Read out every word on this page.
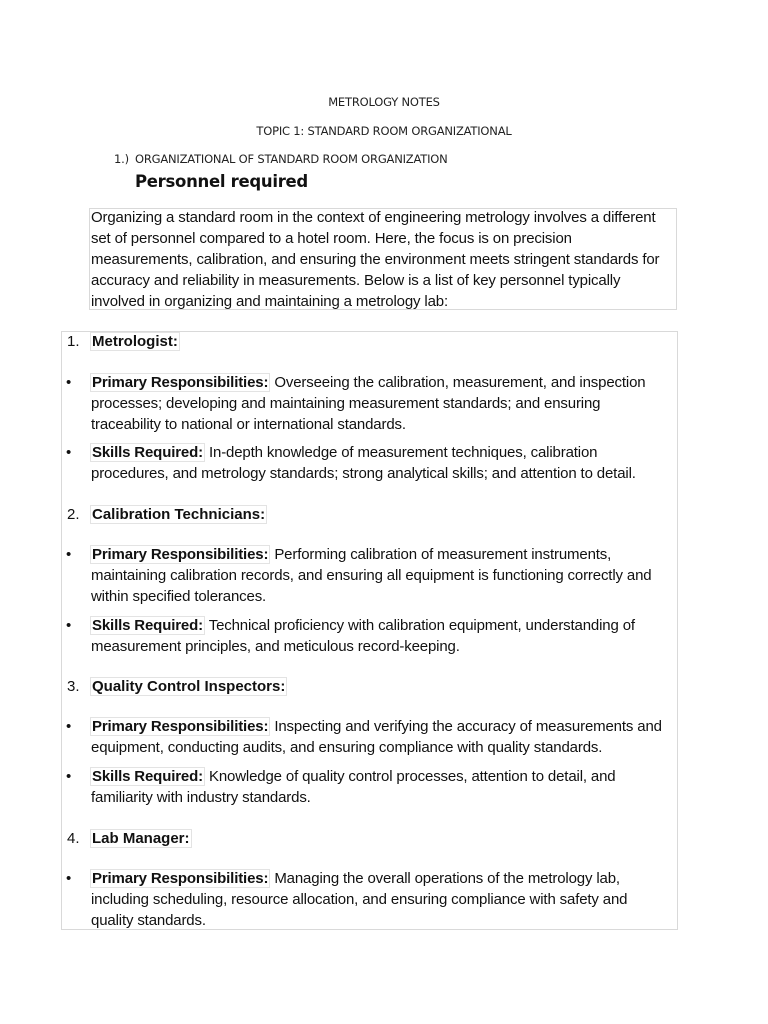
METROLOGY NOTES
TOPIC 1: STANDARD ROOM ORGANIZATIONAL
1.) ORGANIZATIONAL OF STANDARD ROOM ORGANIZATION
Personnel required
Organizing a standard room in the context of engineering metrology involves a different
set of personnel compared to a hotel room. Here, the focus is on precision
measurements, calibration, and ensuring the environment meets stringent standards for
accuracy and reliability in measurements. Below is a list of key personnel typically
involved in organizing and maintaining a metrology lab:
1. Metrologist:
• Primary Responsibilities: Overseeing the calibration, measurement, and inspection
processes; developing and maintaining measurement standards; and ensuring
traceability to national or international standards.
• Skills Required: In-depth knowledge of measurement techniques, calibration
procedures, and metrology standards; strong analytical skills; and attention to detail.
2. Calibration Technicians:
• Primary Responsibilities: Performing calibration of measurement instruments,
maintaining calibration records, and ensuring all equipment is functioning correctly and
within specified tolerances.
• Skills Required: Technical proficiency with calibration equipment, understanding of
measurement principles, and meticulous record-keeping.
3. Quality Control Inspectors:
• Primary Responsibilities: Inspecting and verifying the accuracy of measurements and
equipment, conducting audits, and ensuring compliance with quality standards.
• Skills Required: Knowledge of quality control processes, attention to detail, and
familiarity with industry standards.
4. Lab Manager:
• Primary Responsibilities: Managing the overall operations of the metrology lab,
including scheduling, resource allocation, and ensuring compliance with safety and
quality standards.
